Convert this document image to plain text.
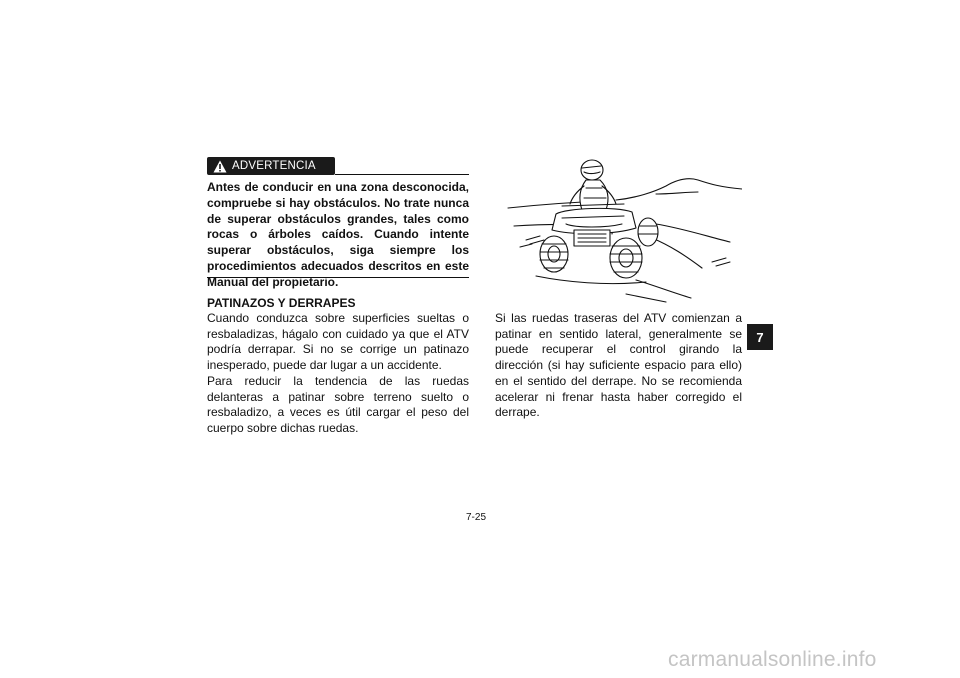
ADVERTENCIA
Antes de conducir en una zona desconocida, compruebe si hay obstáculos. No trate nunca de superar obstáculos grandes, tales como rocas o árboles caídos. Cuando intente superar obstáculos, siga siempre los procedimientos adecuados descritos en este Manual del propietario.
PATINAZOS Y DERRAPES

Cuando conduzca sobre superficies sueltas o resbaladizas, hágalo con cuidado ya que el ATV podría derrapar. Si no se corrige un patinazo inesperado, puede dar lugar a un accidente.

Para reducir la tendencia de las ruedas delanteras a patinar sobre terreno suelto o resbaladizo, a veces es útil cargar el peso del cuerpo sobre dichas ruedas.

Si las ruedas traseras del ATV comienzan a patinar en sentido lateral, generalmente se puede recuperar el control girando la dirección (si hay suficiente espacio para ello) en el sentido del derrape. No se recomienda acelerar ni frenar hasta haber corregido el derrape.

7-25
7
carmanualsonline.info
